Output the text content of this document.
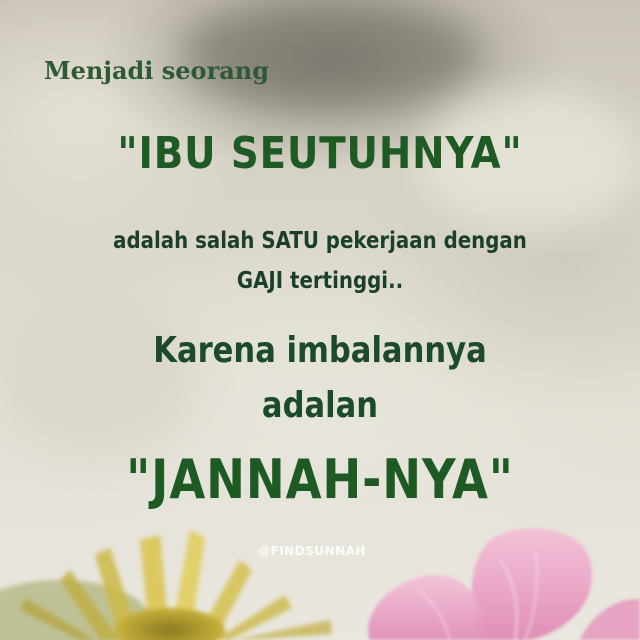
Menjadi seorang
"IBU SEUTUHNYA"
adalah salah SATU pekerjaan dengan
GAJI tertinggi..
Karena imbalannya
adalan
"JANNAH-NYA"
@FINDSUNNAH
